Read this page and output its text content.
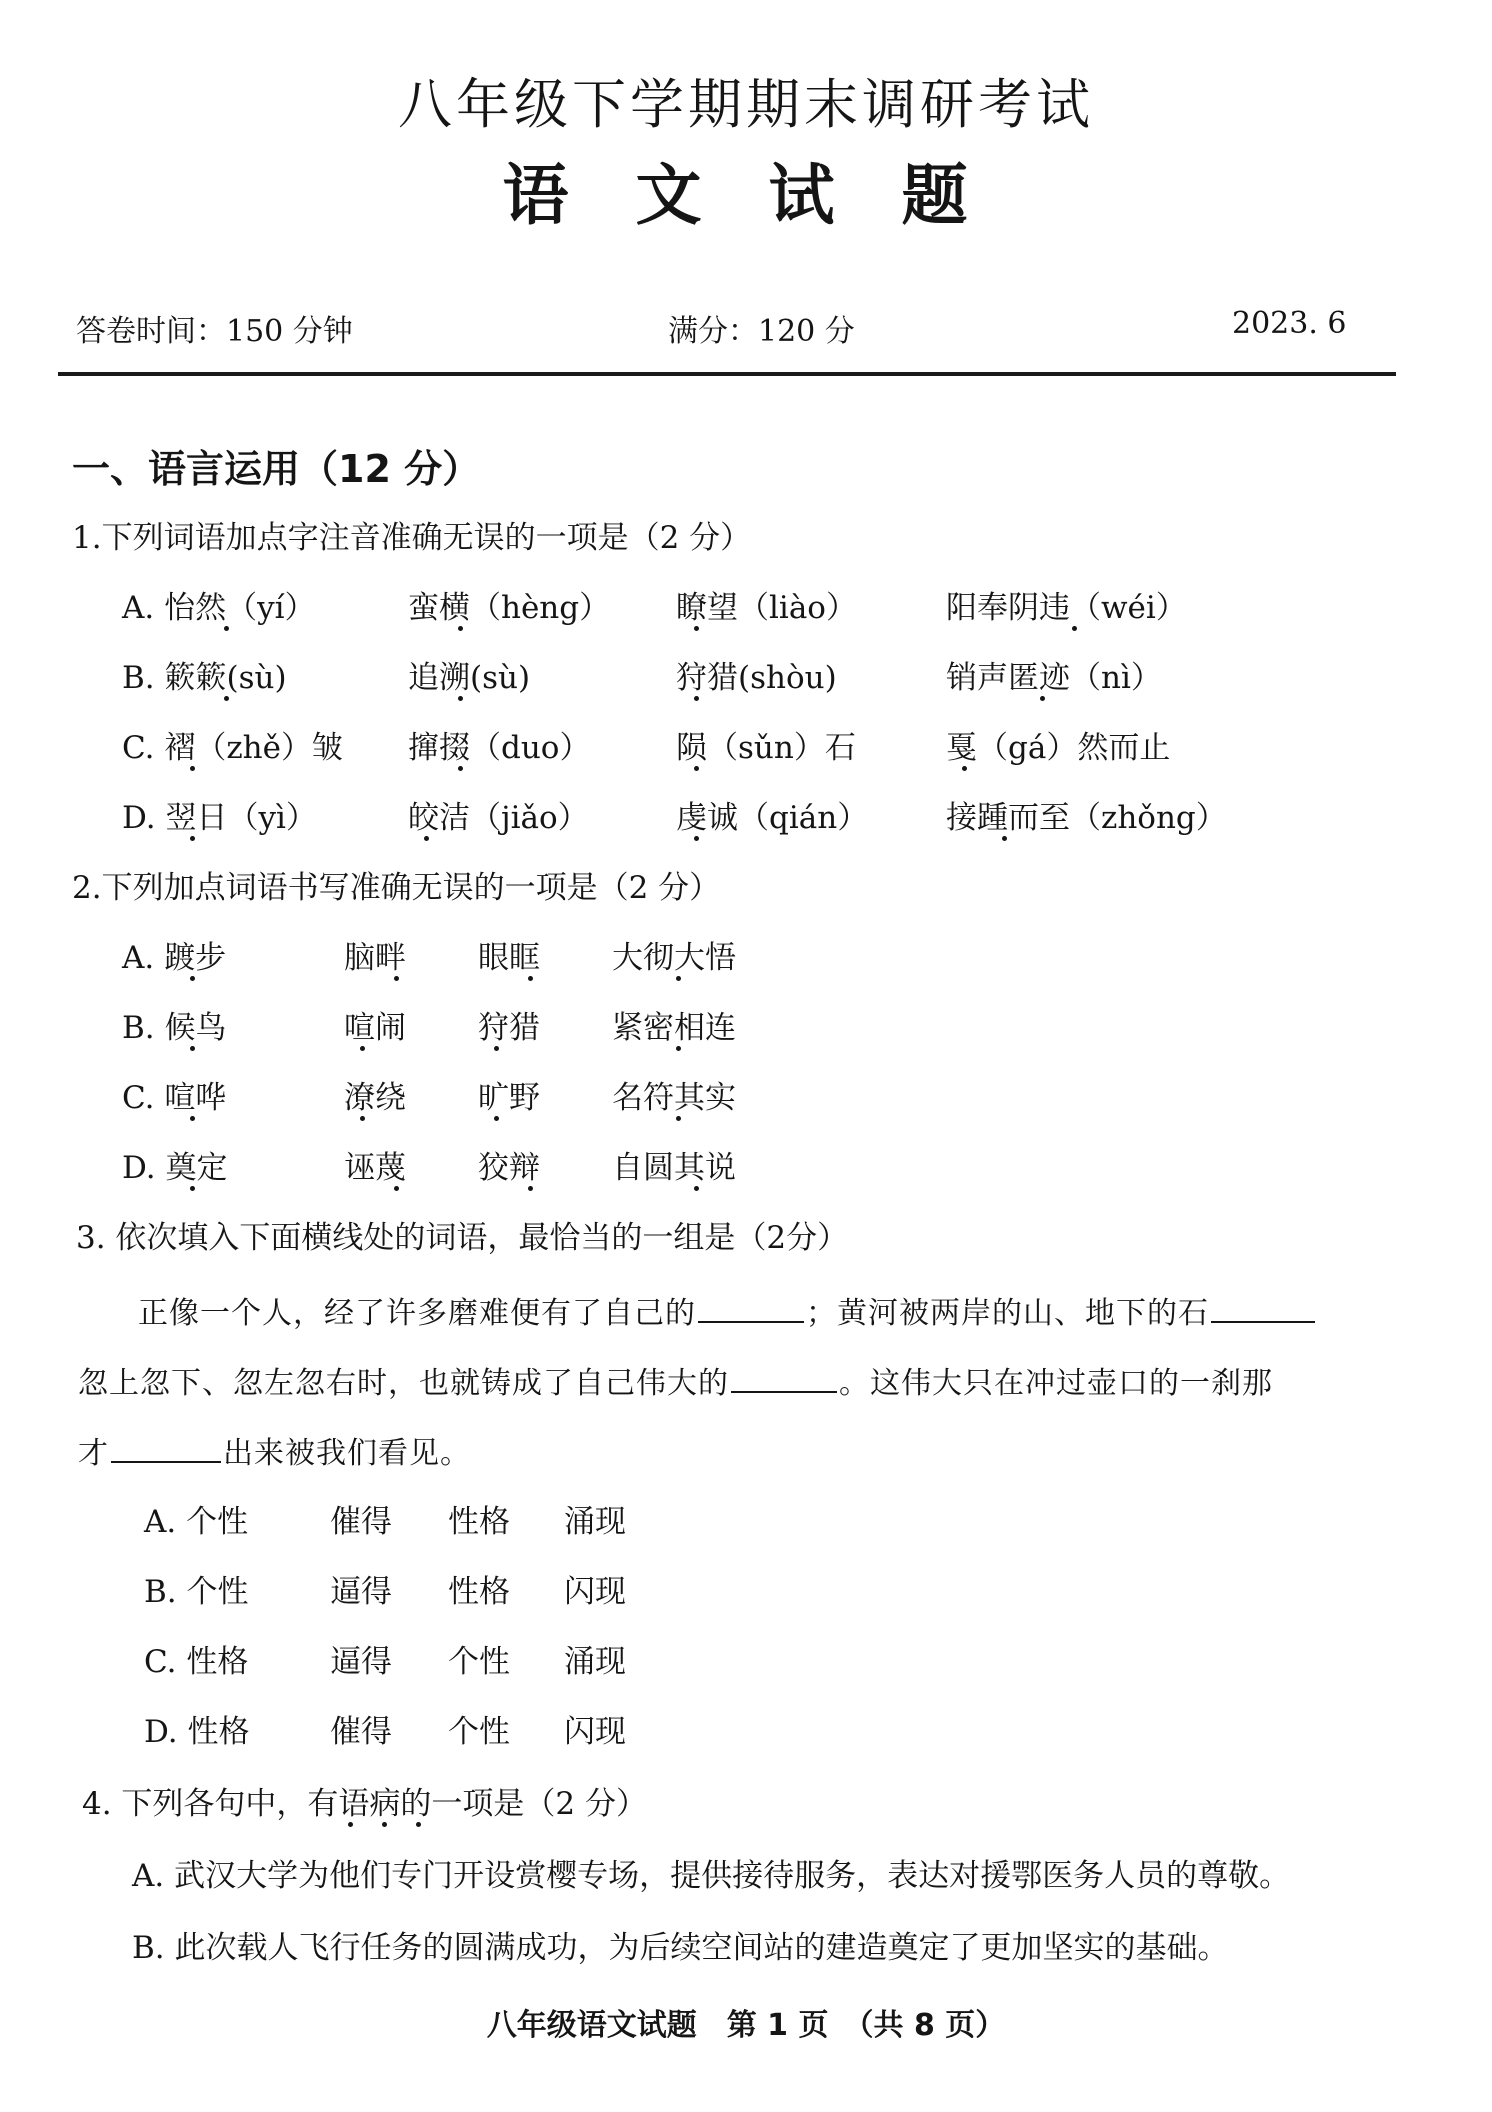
八年级下学期期末调研考试
语 文 试 题
答卷时间：150 分钟	满分：120 分	2023. 6
一、语言运用（12 分）
1.下列词语加点字注音准确无误的一项是（2 分）
A. 怡然（yí）	蛮横（hèng） 瞭望（liào）	阳奉阴违（wéi）
B. 簌簌(sù)	追溯(sù)	狩猎(shòu)	销声匿迹（nì）
C. 褶（zhě）皱 撺掇（duo）	陨（sǔn）石	戛（gá）然而止
D. 翌日（yì）	皎洁（jiǎo）	虔诚（qián）	接踵而至（zhǒng）
2.下列加点词语书写准确无误的一项是（2 分）
A. 踱步	脑畔 眼眶 大彻大悟
B. 候鸟	喧闹 狩猎 紧密相连
C. 喧哗	潦绕 旷野 名符其实
D. 奠定	诬蔑 狡辩 自圆其说
3. 依次填入下面横线处的词语，最恰当的一组是（2分）
正像一个人，经了许多磨难便有了自己的	；黄河被两岸的山、地下的石
忽上忽下、忽左忽右时，也就铸成了自己伟大的	。这伟大只在冲过壶口的一刹那
才	出来被我们看见。
A. 个性	催得 性格 涌现
B. 个性	逼得 性格 闪现
C. 性格	逼得 个性 涌现
D. 性格	催得 个性 闪现
4. 下列各句中，有语病的一项是（2 分）
A. 武汉大学为他们专门开设赏樱专场，提供接待服务，表达对援鄂医务人员的尊敬。
B. 此次载人飞行任务的圆满成功，为后续空间站的建造奠定了更加坚实的基础。
八年级语文试题　第 1 页　（共 8 页）
